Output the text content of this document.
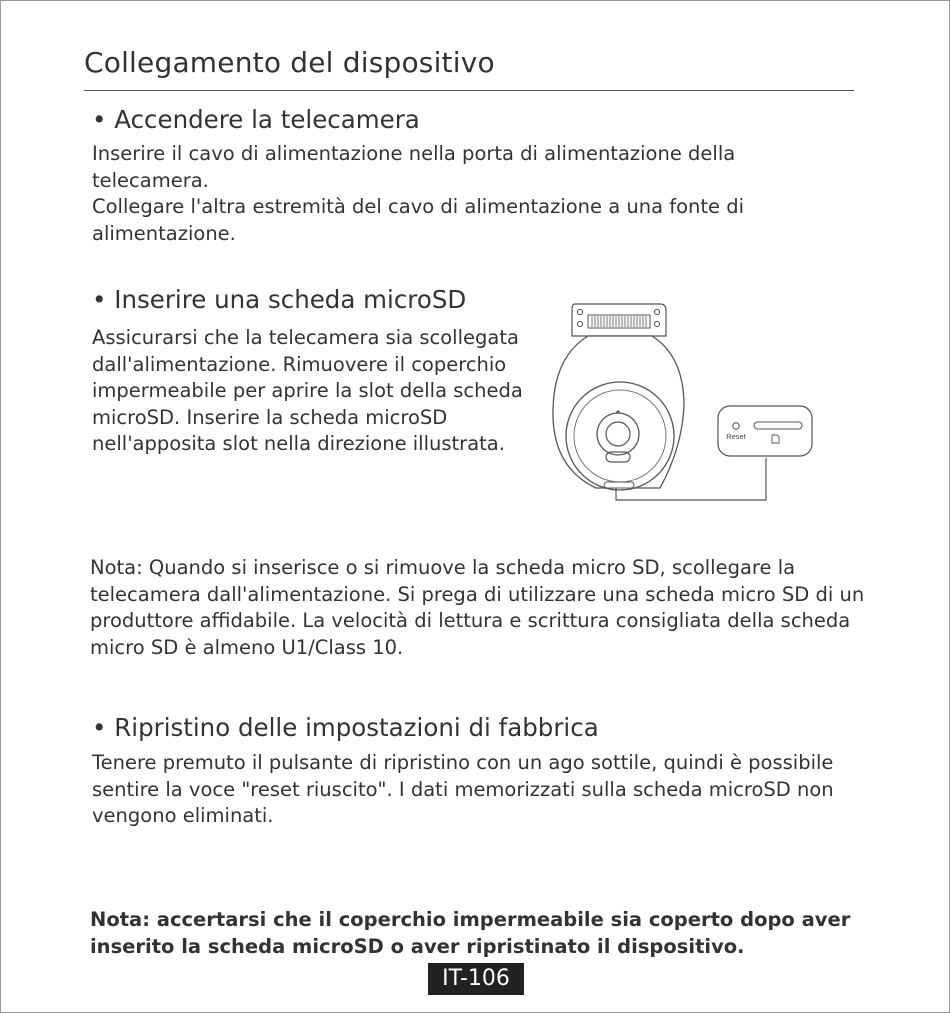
Collegamento del dispositivo
• Accendere la telecamera
Inserire il cavo di alimentazione nella porta di alimentazione della telecamera.
Collegare l'altra estremità del cavo di alimentazione a una fonte di alimentazione.
• Inserire una scheda microSD
Assicurarsi che la telecamera sia scollegata dall'alimentazione. Rimuovere il coperchio impermeabile per aprire la slot della scheda microSD. Inserire la scheda microSD nell'apposita slot nella direzione illustrata.	Reset
Nota: Quando si inserisce o si rimuove la scheda micro SD, scollegare la telecamera dall'alimentazione. Si prega di utilizzare una scheda micro SD di un produttore affidabile. La velocità di lettura e scrittura consigliata della scheda micro SD è almeno U1/Class 10.
• Ripristino delle impostazioni di fabbrica
Tenere premuto il pulsante di ripristino con un ago sottile, quindi è possibile sentire la voce "reset riuscito". I dati memorizzati sulla scheda microSD non vengono eliminati.
Nota: accertarsi che il coperchio impermeabile sia coperto dopo aver inserito la scheda microSD o aver ripristinato il dispositivo.
IT-106
